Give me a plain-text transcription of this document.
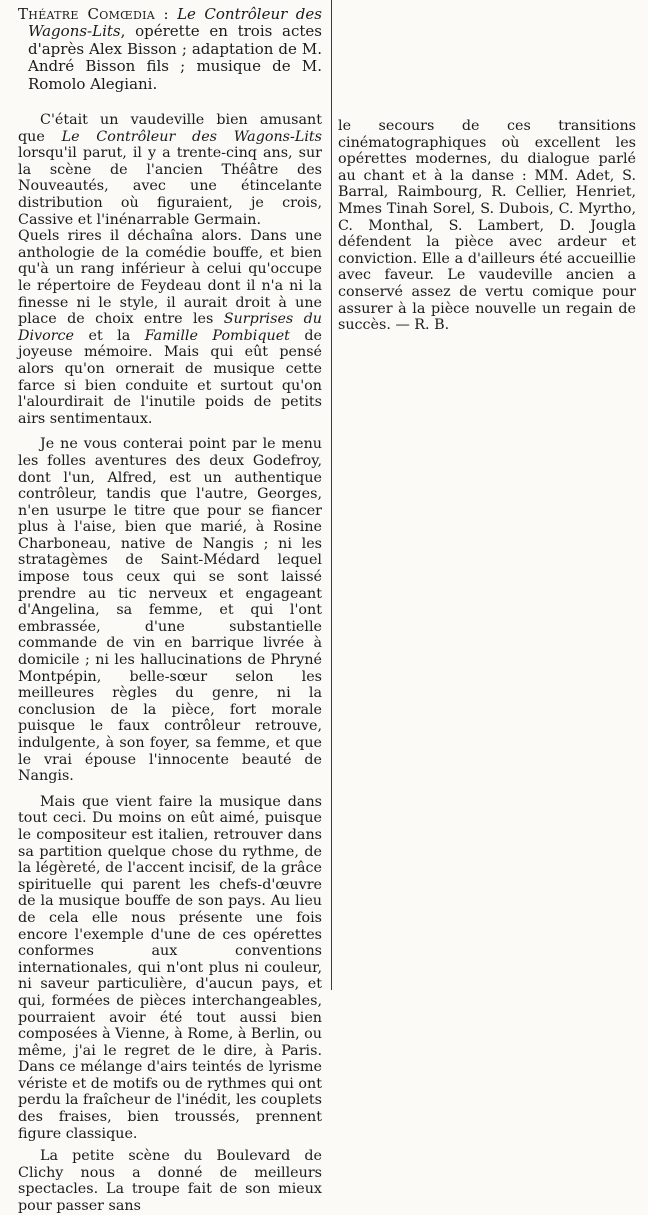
Théatre Comœdia : Le Contrôleur des Wagons-Lits, opérette en trois actes d'après Alex Bisson ; adaptation de M. André Bisson fils ; musique de M. Romolo Alegiani.

C'était un vaudeville bien amusant que Le Contrôleur des Wagons-Lits lorsqu'il parut, il y a trente-cinq ans, sur la scène de l'ancien Théâtre des Nouveautés, avec une étincelante distribution où figuraient, je crois, Cassive et l'inénarrable Germain.

Quels rires il déchaîna alors. Dans une anthologie de la comédie bouffe, et bien qu'à un rang inférieur à celui qu'occupe le répertoire de Feydeau dont il n'a ni la finesse ni le style, il aurait droit à une place de choix entre les Surprises du Divorce et la Famille Pombiquet de joyeuse mémoire. Mais qui eût pensé alors qu'on ornerait de musique cette farce si bien conduite et surtout qu'on l'alourdirait de l'inutile poids de petits airs sentimentaux.

Je ne vous conterai point par le menu les folles aventures des deux Godefroy, dont l'un, Alfred, est un authentique contrôleur, tandis que l'autre, Georges, n'en usurpe le titre que pour se fiancer plus à l'aise, bien que marié, à Rosine Charboneau, native de Nangis ; ni les stratagèmes de Saint-Médard lequel impose tous ceux qui se sont laissé prendre au tic nerveux et engageant d'Angelina, sa femme, et qui l'ont embrassée, d'une substantielle commande de vin en barrique livrée à domicile ; ni les hallucinations de Phryné Montpépin, belle-sœur selon les meilleures règles du genre, ni la conclusion de la pièce, fort morale puisque le faux contrôleur retrouve, indulgente, à son foyer, sa femme, et que le vrai épouse l'innocente beauté de Nangis.

Mais que vient faire la musique dans tout ceci. Du moins on eût aimé, puisque le compositeur est italien, retrouver dans sa partition quelque chose du rythme, de la légèreté, de l'accent incisif, de la grâce spirituelle qui parent les chefs-d'œuvre de la musique bouffe de son pays. Au lieu de cela elle nous présente une fois encore l'exemple d'une de ces opérettes conformes aux conventions internationales, qui n'ont plus ni couleur, ni saveur particulière, d'aucun pays, et qui, formées de pièces interchangeables, pourraient avoir été tout aussi bien composées à Vienne, à Rome, à Berlin, ou même, j'ai le regret de le dire, à Paris. Dans ce mélange d'airs teintés de lyrisme vériste et de motifs ou de rythmes qui ont perdu la fraîcheur de l'inédit, les couplets des fraises, bien troussés, prennent figure classique.

La petite scène du Boulevard de Clichy nous a donné de meilleurs spectacles. La troupe fait de son mieux pour passer sans

le secours de ces transitions cinématographiques où excellent les opérettes modernes, du dialogue parlé au chant et à la danse : MM. Adet, S. Barral, Raimbourg, R. Cellier, Henriet, Mmes Tinah Sorel, S. Dubois, C. Myrtho, C. Monthal, S. Lambert, D. Jougla défendent la pièce avec ardeur et conviction. Elle a d'ailleurs été accueillie avec faveur. Le vaudeville ancien a conservé assez de vertu comique pour assurer à la pièce nouvelle un regain de succès. — R. B.
